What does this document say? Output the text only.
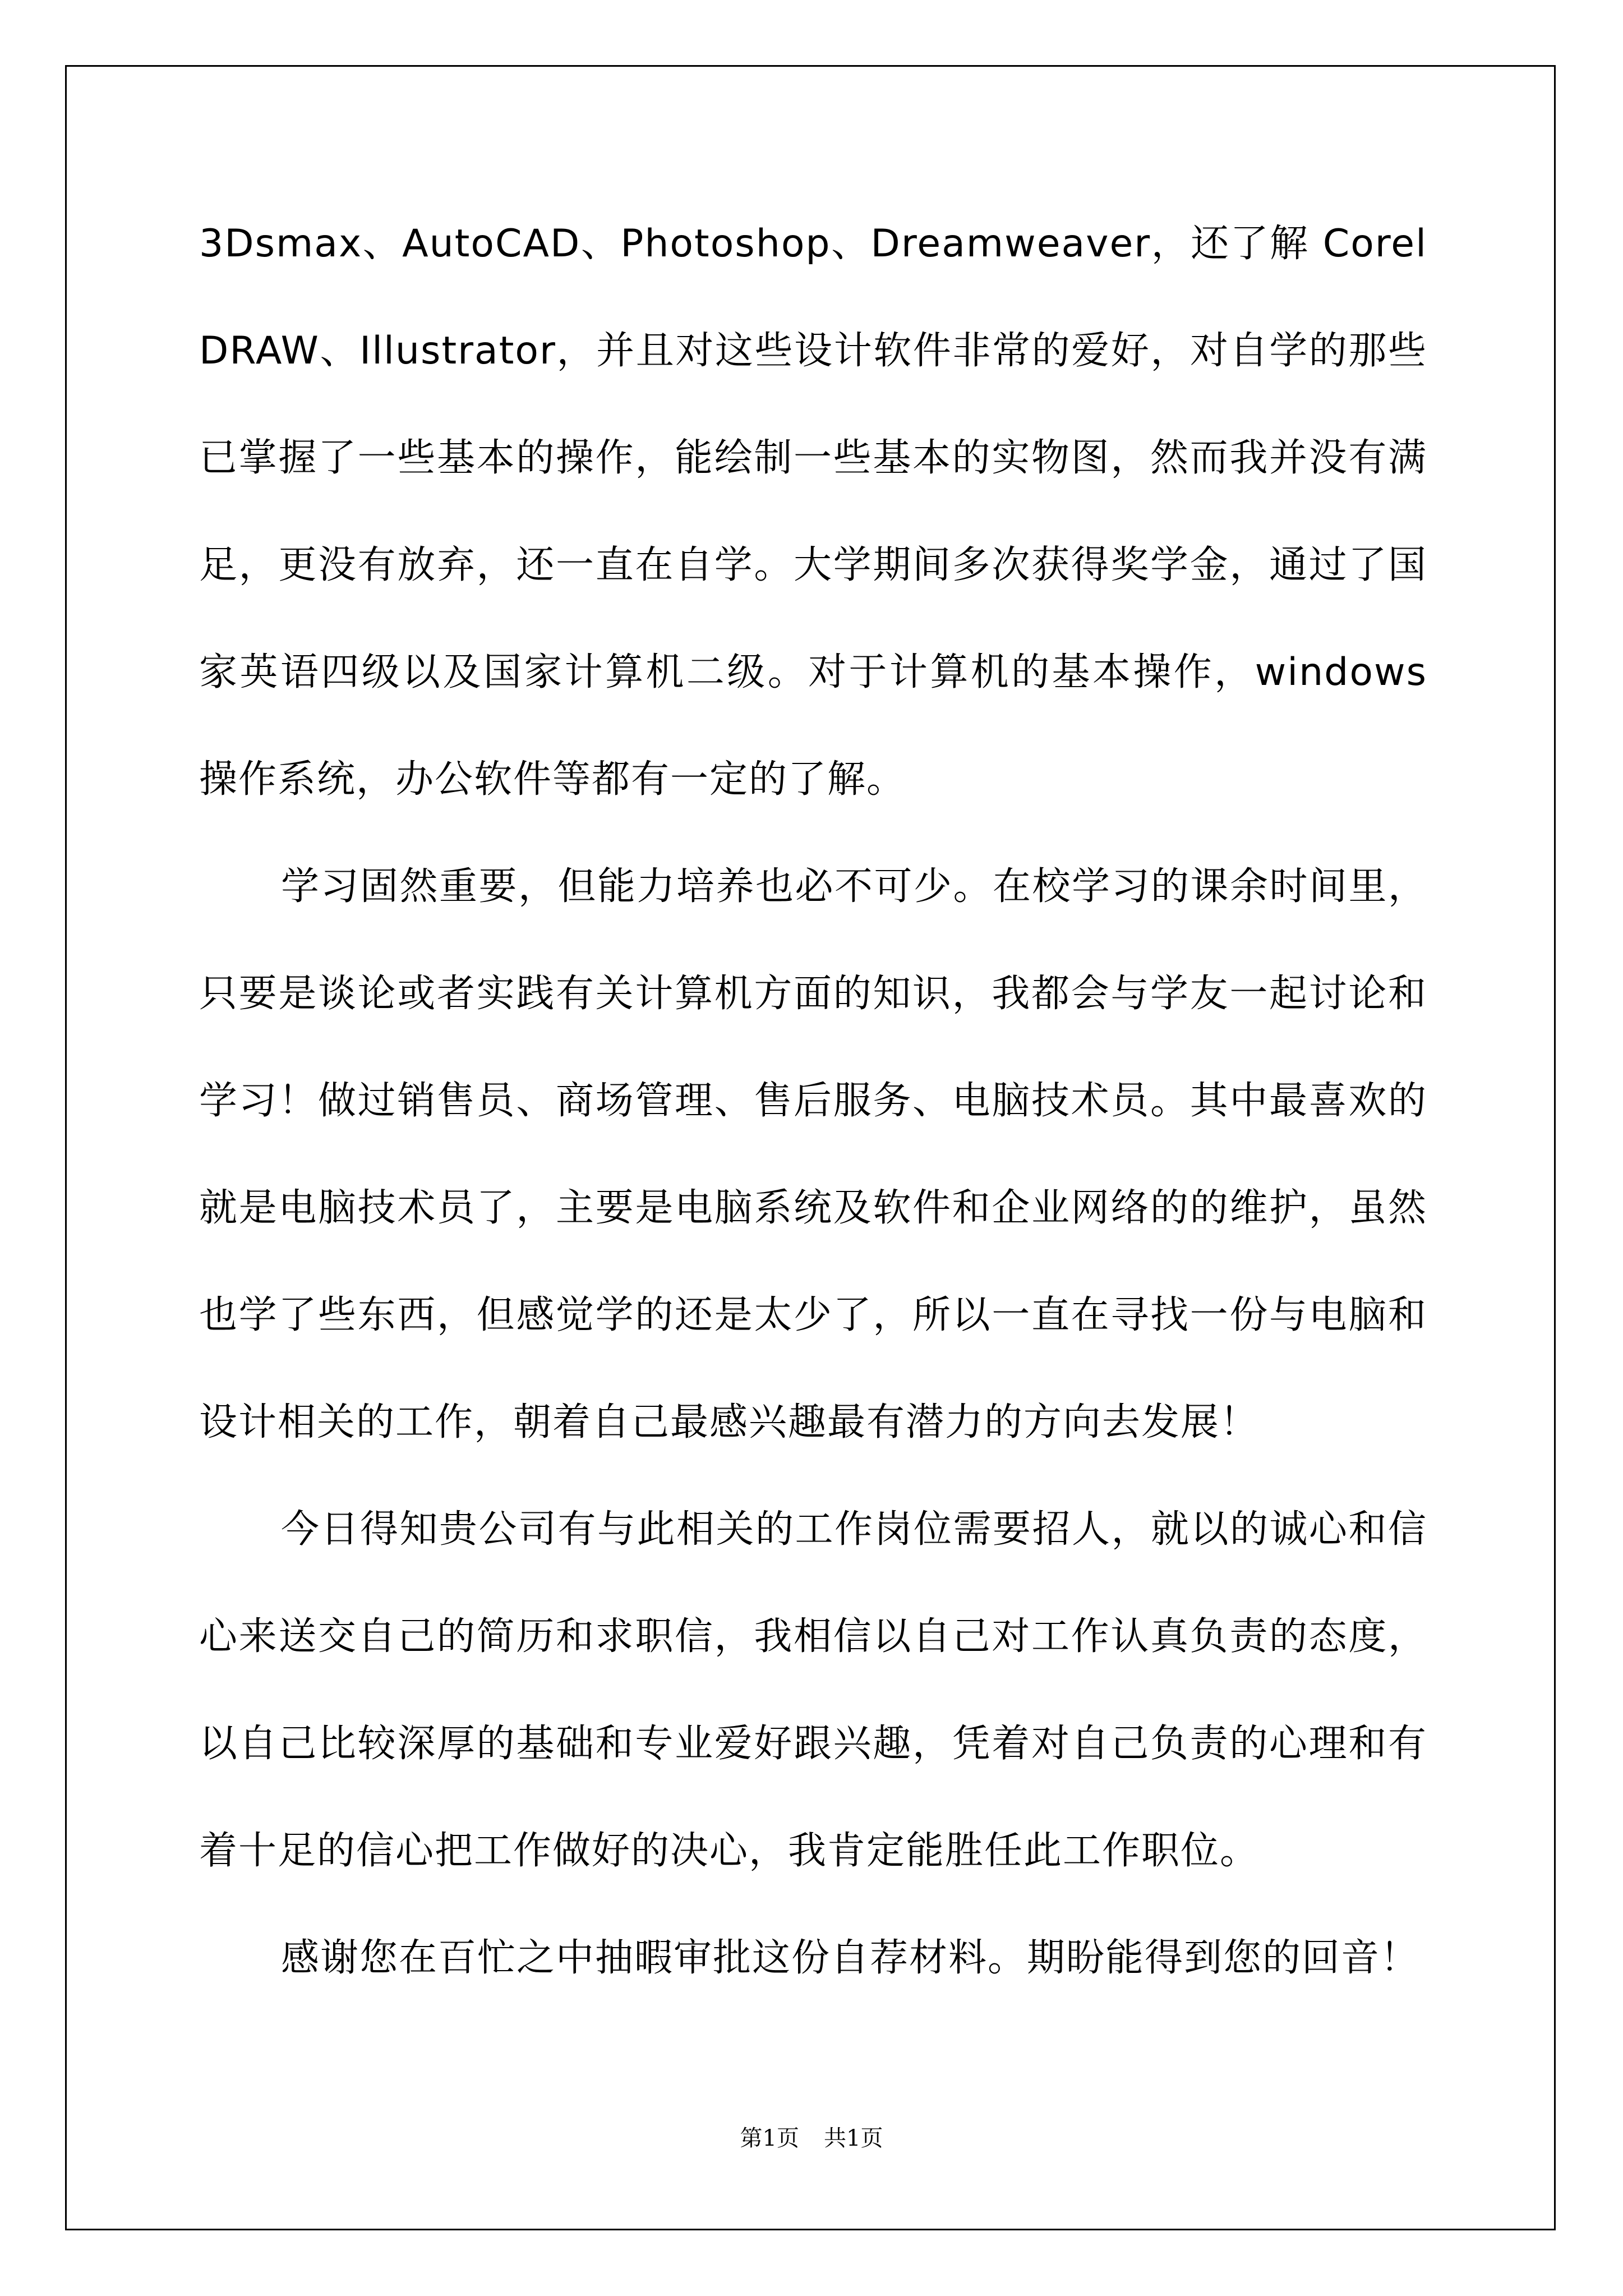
3Dsmax、AutoCAD、Photoshop、Dreamweaver，还了解 CorelDRAW、Illustrator，并且对这些设计软件非常的爱好，对自学的那些已掌握了一些基本的操作，能绘制一些基本的实物图，然而我并没有满足，更没有放弃，还一直在自学。大学期间多次获得奖学金，通过了国家英语四级以及国家计算机二级。对于计算机的基本操作，windows 操作系统，办公软件等都有一定的了解。

学习固然重要，但能力培养也必不可少。在校学习的课余时间里，只要是谈论或者实践有关计算机方面的知识，我都会与学友一起讨论和学习！做过销售员、商场管理、售后服务、电脑技术员。其中最喜欢的就是电脑技术员了，主要是电脑系统及软件和企业网络的的维护，虽然也学了些东西，但感觉学的还是太少了，所以一直在寻找一份与电脑和设计相关的工作，朝着自己最感兴趣最有潜力的方向去发展！

今日得知贵公司有与此相关的工作岗位需要招人，就以的诚心和信心来送交自己的简历和求职信，我相信以自己对工作认真负责的态度，以自己比较深厚的基础和专业爱好跟兴趣，凭着对自己负责的心理和有着十足的信心把工作做好的决心，我肯定能胜任此工作职位。

感谢您在百忙之中抽暇审批这份自荐材料。期盼能得到您的回音！

第1页 共1页
